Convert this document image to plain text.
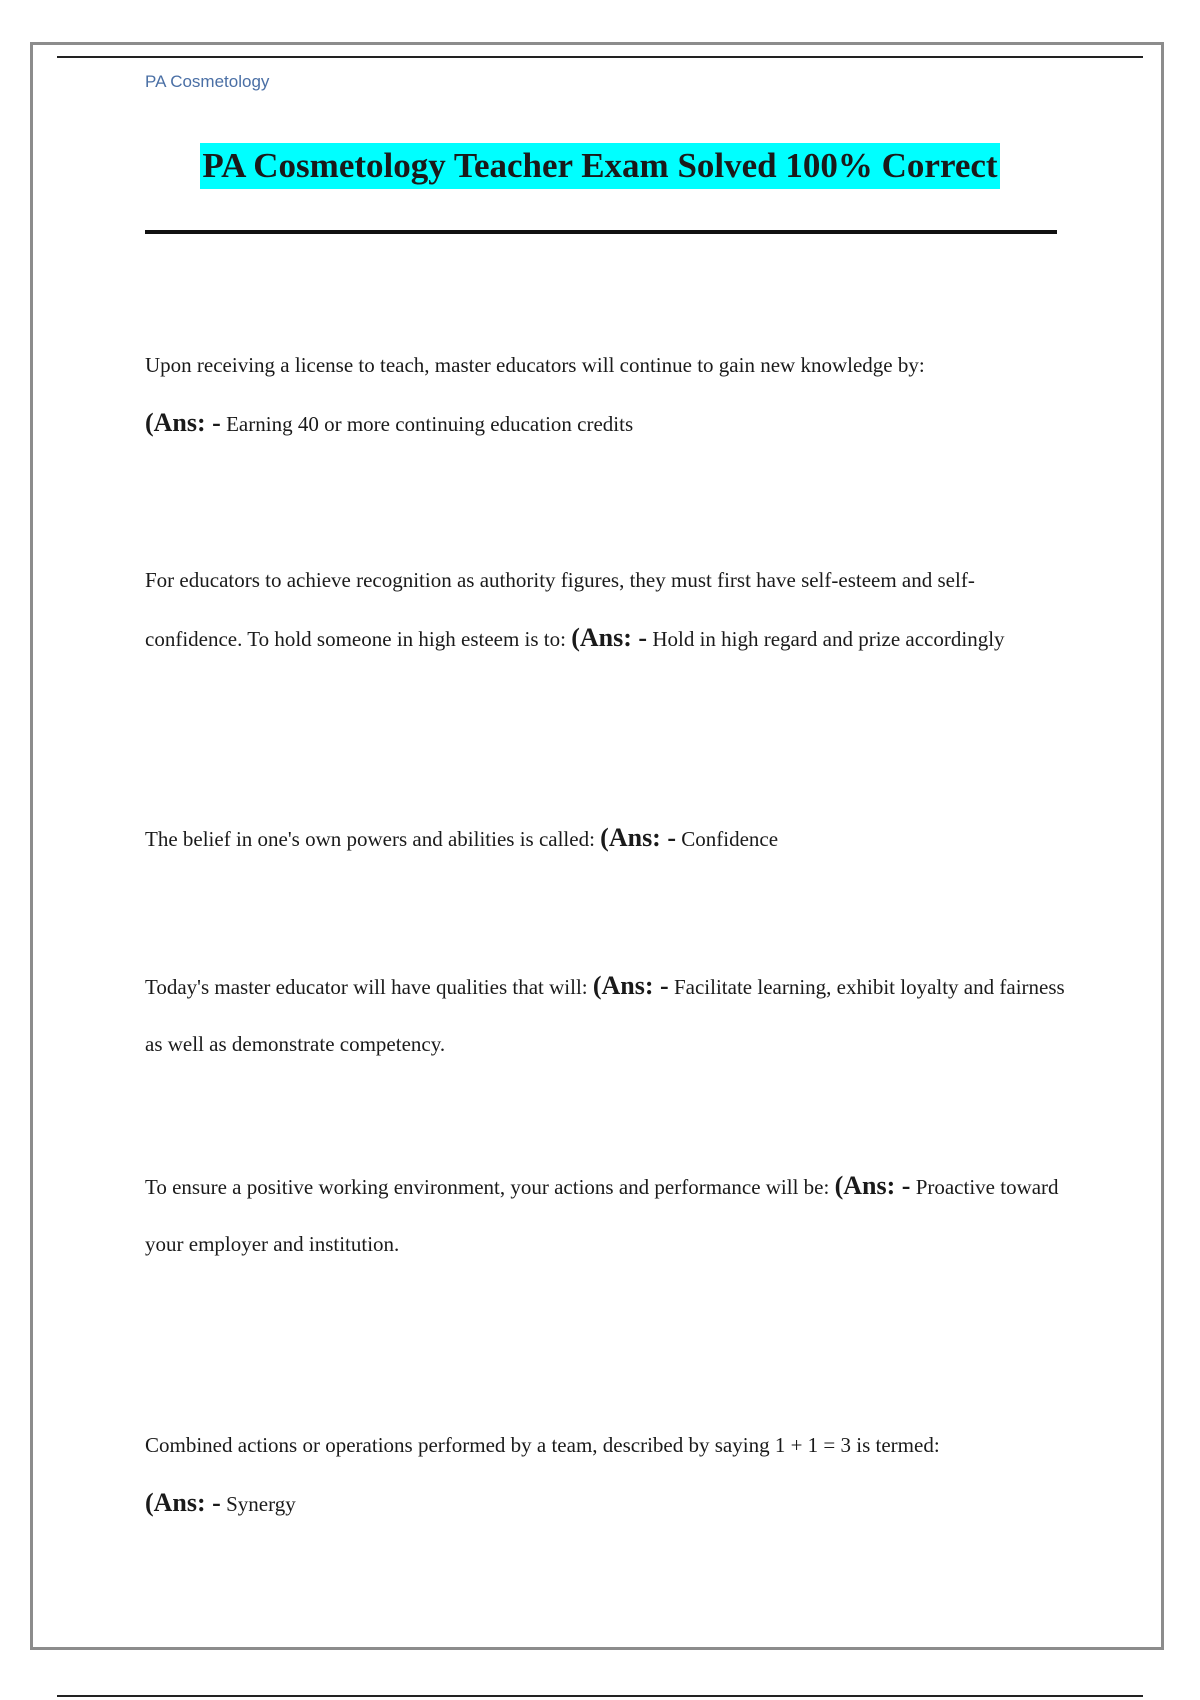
PA Cosmetology
PA Cosmetology Teacher Exam Solved 100% Correct

Upon receiving a license to teach, master educators will continue to gain new knowledge by:

(Ans: - Earning 40 or more continuing education credits

For educators to achieve recognition as authority figures, they must first have self-esteem and self-confidence. To hold someone in high esteem is to: (Ans: - Hold in high regard and prize accordingly

The belief in one's own powers and abilities is called: (Ans: - Confidence

Today's master educator will have qualities that will: (Ans: - Facilitate learning, exhibit loyalty and fairness as well as demonstrate competency.

To ensure a positive working environment, your actions and performance will be: (Ans: - Proactive toward your employer and institution.

Combined actions or operations performed by a team, described by saying 1 + 1 = 3 is termed:

(Ans: - Synergy
